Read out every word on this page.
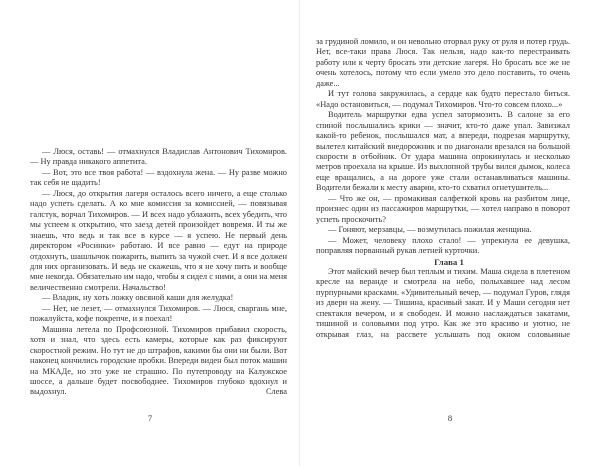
— Люся, оставь! — отмахнулся Владислав Антонович Тихомиров. — Ну правда никакого аппетита.

— Вот, это все твоя работа! — вздохнула жена. — Ну разве можно так себя не щадить!

— Люся, до открытия лагеря осталось всего ничего, а еще столько надо успеть сделать. А ко мне комиссия за комиссией, — повязывая галстук, ворчал Тихомиров. — И всех надо ублажить, всех убедить, что мы успеем к открытию, что заезд детей произойдет вовремя. И ты же знаешь, что ведь и так все в курсе — я успею. Не первый день директором «Росинки» работаю. И все равно — едут на природе отдохнуть, шашлычок пожарить, выпить за чужой счет. И я все должен для них организовать. И ведь не скажешь, что я не хочу пить и вообще мне некогда. Обязательно им надо, чтобы я сидел с ними, а они на меня величественно смотрели. Начальство!

— Владик, ну хоть ложку овсяной каши для желудка!

— Нет, не лезет, — отмахнулся Тихомиров. — Люся, сваргань мне, пожалуйста, кофе покрепче, и я поехал!

Машина летела по Профсоюзной. Тихомиров прибавил скорость, хотя и знал, что здесь есть камеры, которые как раз фиксируют скоростной режим. Но тут не до штрафов, какими бы они ни были. Вот наконец кончились городские пробки. Впереди виден был поток машин на МКАДе, но это уже не страшно. По путепроводу на Калужское шоссе, а дальше будет посвободнее. Тихомиров глубоко вдохнул и выдохнул. Слева

за грудиной ломило, и он невольно оторвал руку от руля и потер грудь. Нет, все-таки права Люся. Так нельзя, надо как-то перестраивать работу или к черту бросать эти детские лагеря. Но бросать все же не очень хотелось, потому что если умело это дело поставить, то очень даже...

И тут голова закружилась, а сердце как будто перестало биться. «Надо остановиться, — подумал Тихомиров. Что-то совсем плохо...»

Водитель маршрутки едва успел затормозить. В салоне за его спиной послышались крики — значит, кто-то даже упал. Завизжал какой-то ребенок, послышался мат, а впереди, подрезая маршрутку, вылетел китайский внедорожник и по диагонали врезался на большой скорости в отбойник. От удара машина опрокинулась и несколько метров проехала на крыше. Из выхлопной трубы вился дымок, колеса еще вращались, а на дороге уже стали останавливаться машины. Водители бежали к месту аварии, кто-то схватил огнетушитель...

— Что же он, — промакивая салфеткой кровь на разбитом лице, произнес один из пассажиров маршрутки, — хотел направо в поворот успеть проскочить?

— Гоняют, мерзавцы, — возмутилась пожилая женщина.

— Может, человеку плохо стало! — упрекнула ее девушка, поправляя порванный рукав летней курточки.

Глава 1

Этот майский вечер был теплым и тихим. Маша сидела в плетеном кресле на веранде и смотрела на небо, полыхавшее над лесом пурпурными красками. «Удивительный вечер, — подумал Гуров, глядя из двери на жену. — Тишина, красивый закат. И у Маши сегодня нет спектакля вечером, и я свободен. И можно наслаждаться закатами, тишиной и соловьями под утро. Как же это красиво и уютно, не открывая глаз, на рассвете услышать под окном соловьиные

7	8
